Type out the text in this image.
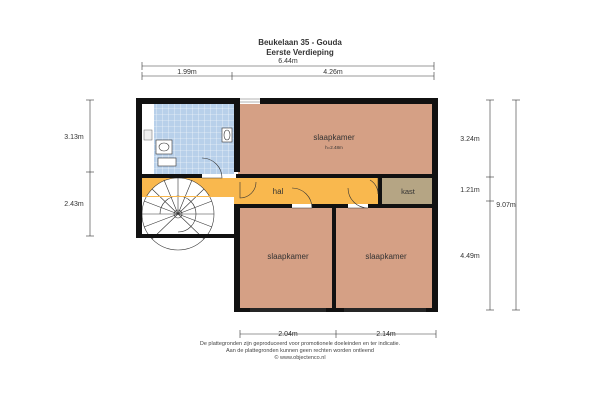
Beukelaan 35 - Gouda
Eerste Verdieping
slaapkamer
h=2.48m
hal	kast
slaapkamer	slaapkamer
6.44m
1.99m	4.26m
3.13m
2.43m
3.24m
1.21m
4.49m
9.07m
2.04m	2.14m
De plattegronden zijn geproduceerd voor promotionele doeleinden en ter indicatie.
Aan de plattegronden kunnen geen rechten worden ontleend
© www.objectenco.nl
